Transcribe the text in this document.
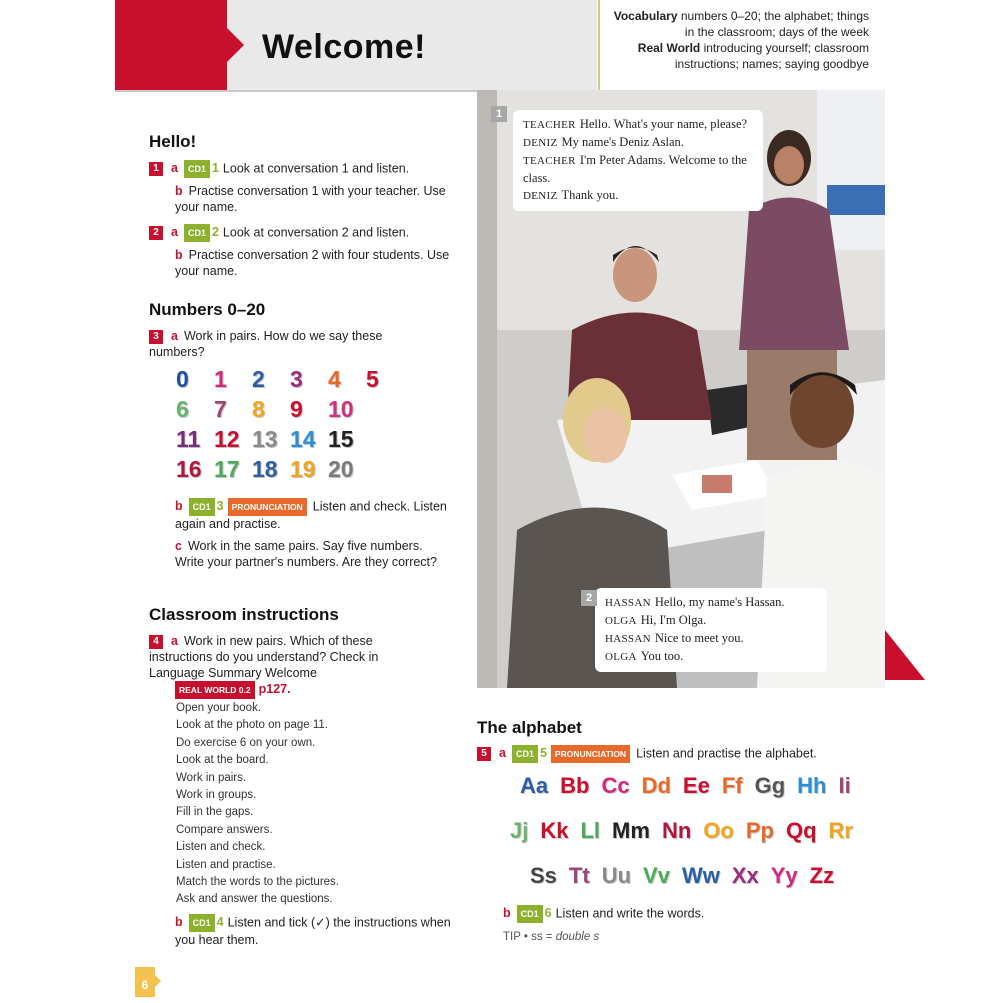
Welcome!
Vocabulary numbers 0–20; the alphabet; things in the classroom; days of the week
Real World introducing yourself; classroom instructions; names; saying goodbye
Hello!
1 a CD1 1 Look at conversation 1 and listen.
b Practise conversation 1 with your teacher. Use your name.
2 a CD1 2 Look at conversation 2 and listen.
b Practise conversation 2 with four students. Use your name.
Numbers 0–20
3 a Work in pairs. How do we say these numbers?
0	1	2	3	4	5
6	7	8	9	10
11 12 13 14 15
16 17 18 19 20
b CD1 3 PRONUNCIATION Listen and check. Listen again and practise.
c Work in the same pairs. Say five numbers. Write your partner's numbers. Are they correct?
Classroom instructions
4 a Work in new pairs. Which of these instructions do you understand? Check in Language Summary Welcome
REAL WORLD 0.2 p127.
Open your book.
Look at the photo on page 11.
Do exercise 6 on your own.
Look at the board.
Work in pairs.
Work in groups.
Fill in the gaps.
Compare answers.
Listen and check.
Listen and practise.
Match the words to the pictures.
Ask and answer the questions.
b CD1 4 Listen and tick (✓) the instructions when you hear them.
TEACHER Hello. What's your name, please?
DENIZ My name's Deniz Aslan.
TEACHER I'm Peter Adams. Welcome to the class.
DENIZ Thank you.
1
HASSAN Hello, my name's Hassan.
OLGA Hi, I'm Olga.
HASSAN Nice to meet you.
OLGA You too.
2
The alphabet
5 a CD1 5 PRONUNCIATION Listen and practise the alphabet.
Aa Bb Cc Dd Ee Ff Gg Hh Ii
Jj Kk Ll Mm Nn Oo Pp Qq Rr
Ss Tt Uu Vv Ww Xx Yy Zz
b CD1 6 Listen and write the words.
TIP • ss = double s
6
